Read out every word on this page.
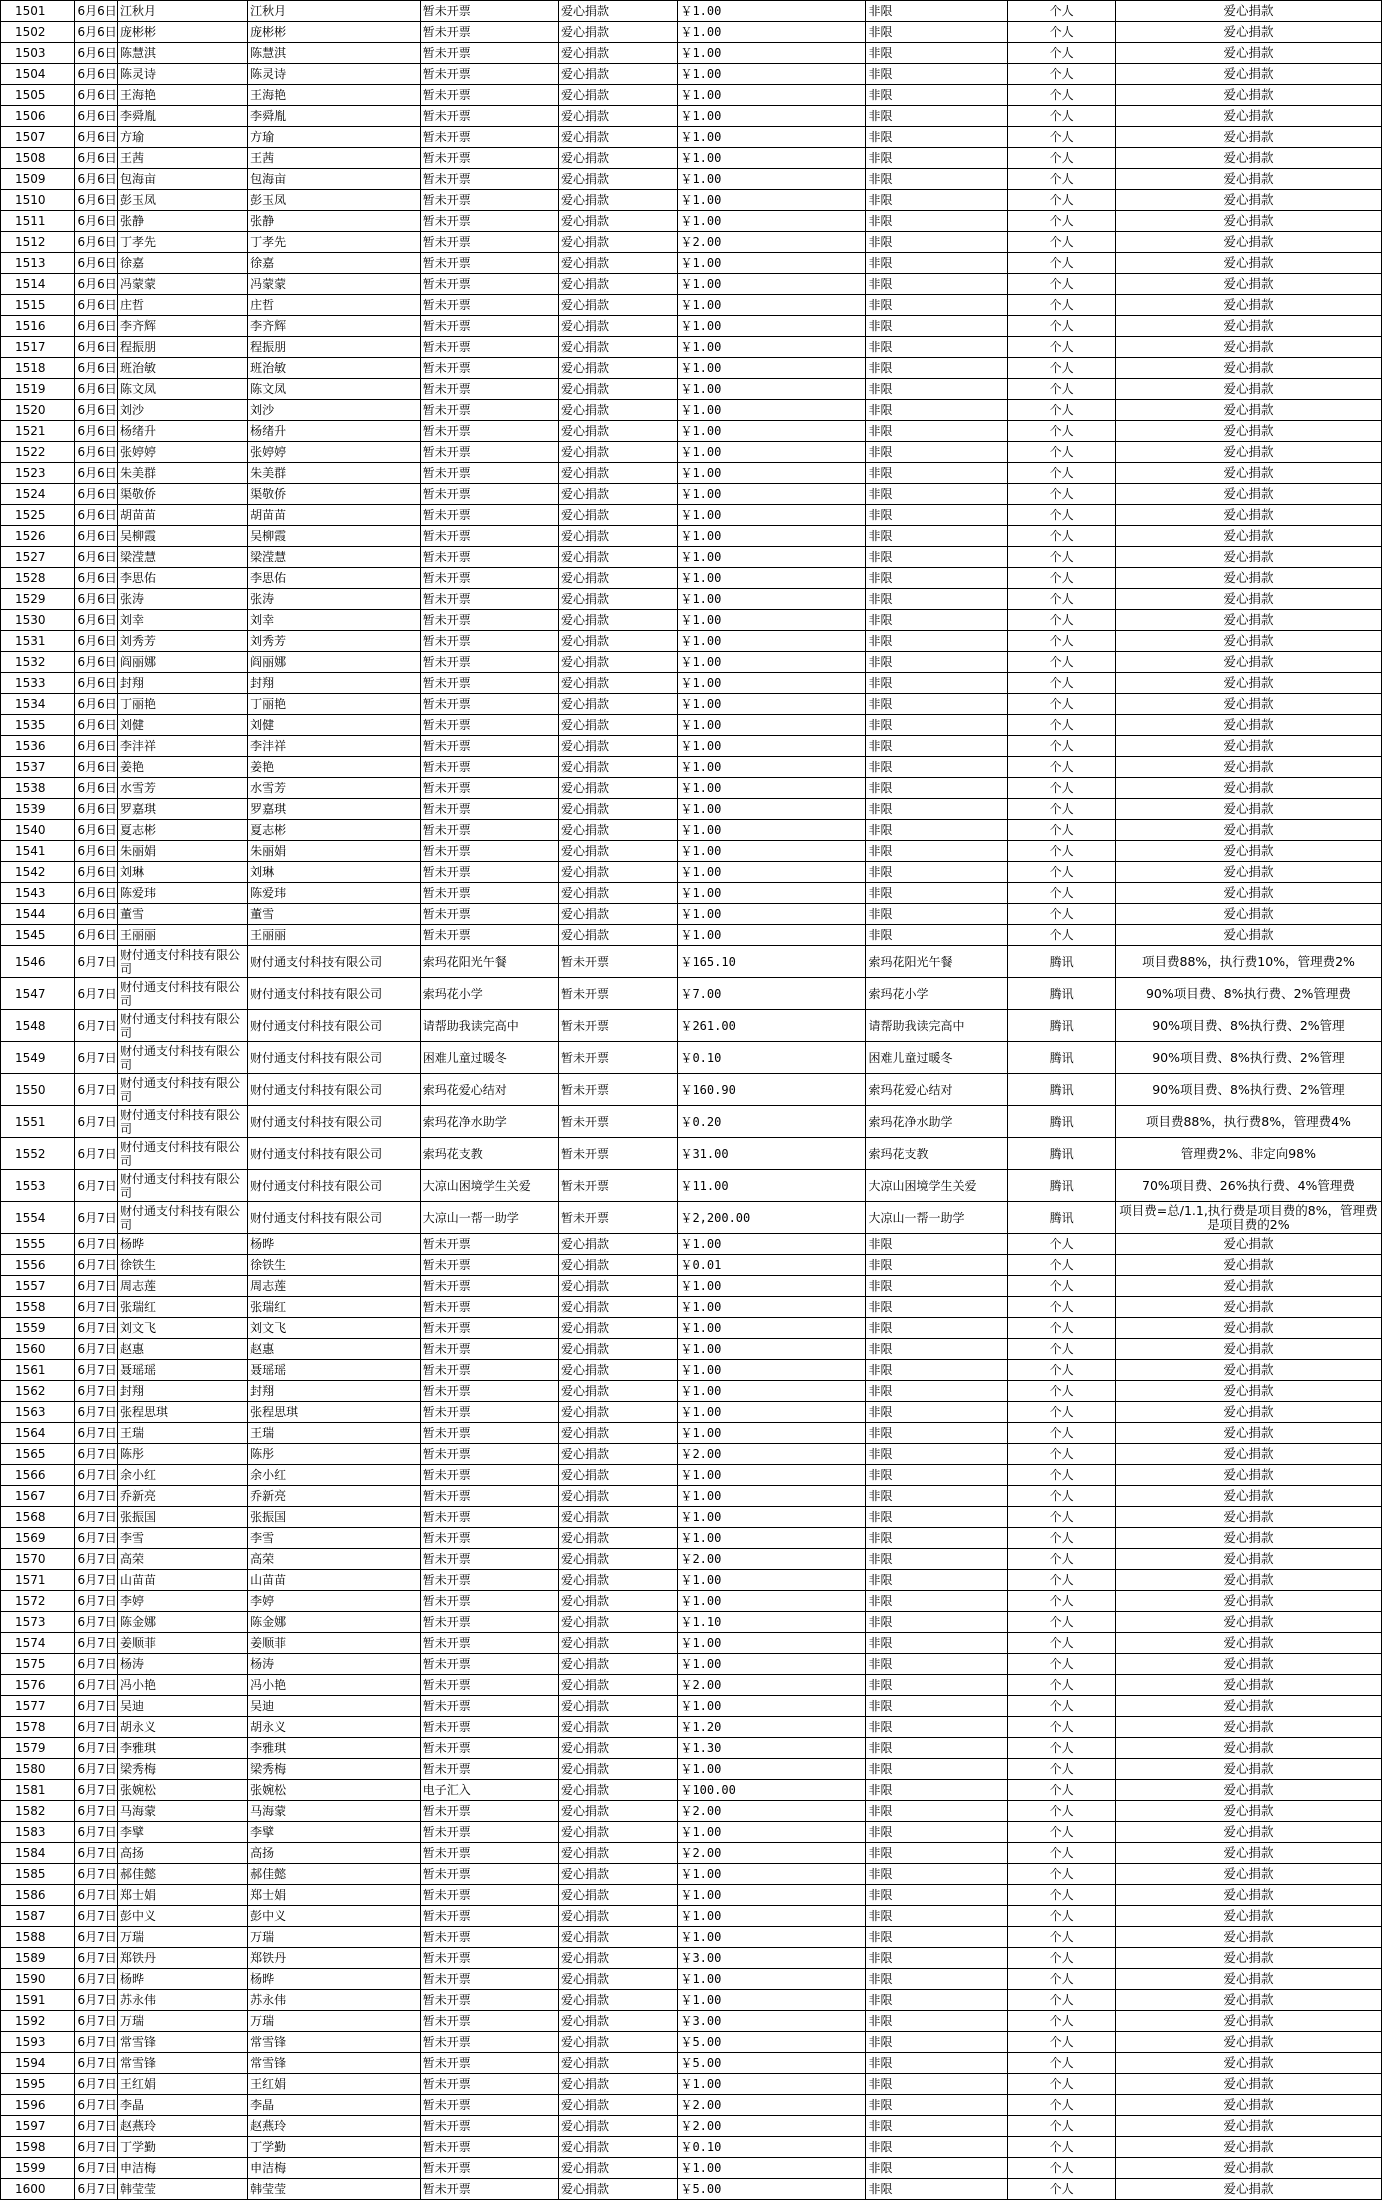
1501	6月6日	江秋月	江秋月	暂未开票	爱心捐款	￥1.00	非限	个人	爱心捐款
1502	6月6日	庞彬彬	庞彬彬	暂未开票	爱心捐款	￥1.00	非限	个人	爱心捐款
1503	6月6日	陈慧淇	陈慧淇	暂未开票	爱心捐款	￥1.00	非限	个人	爱心捐款
1504	6月6日	陈灵诗	陈灵诗	暂未开票	爱心捐款	￥1.00	非限	个人	爱心捐款
1505	6月6日	王海艳	王海艳	暂未开票	爱心捐款	￥1.00	非限	个人	爱心捐款
1506	6月6日	李舜胤	李舜胤	暂未开票	爱心捐款	￥1.00	非限	个人	爱心捐款
1507	6月6日	方瑜	方瑜	暂未开票	爱心捐款	￥1.00	非限	个人	爱心捐款
1508	6月6日	王茜	王茜	暂未开票	爱心捐款	￥1.00	非限	个人	爱心捐款
1509	6月6日	包海亩	包海亩	暂未开票	爱心捐款	￥1.00	非限	个人	爱心捐款
1510	6月6日	彭玉凤	彭玉凤	暂未开票	爱心捐款	￥1.00	非限	个人	爱心捐款
1511	6月6日	张静	张静	暂未开票	爱心捐款	￥1.00	非限	个人	爱心捐款
1512	6月6日	丁孝先	丁孝先	暂未开票	爱心捐款	￥2.00	非限	个人	爱心捐款
1513	6月6日	徐嘉	徐嘉	暂未开票	爱心捐款	￥1.00	非限	个人	爱心捐款
1514	6月6日	冯蒙蒙	冯蒙蒙	暂未开票	爱心捐款	￥1.00	非限	个人	爱心捐款
1515	6月6日	庄哲	庄哲	暂未开票	爱心捐款	￥1.00	非限	个人	爱心捐款
1516	6月6日	李齐辉	李齐辉	暂未开票	爱心捐款	￥1.00	非限	个人	爱心捐款
1517	6月6日	程振朋	程振朋	暂未开票	爱心捐款	￥1.00	非限	个人	爱心捐款
1518	6月6日	班治敏	班治敏	暂未开票	爱心捐款	￥1.00	非限	个人	爱心捐款
1519	6月6日	陈文凤	陈文凤	暂未开票	爱心捐款	￥1.00	非限	个人	爱心捐款
1520	6月6日	刘沙	刘沙	暂未开票	爱心捐款	￥1.00	非限	个人	爱心捐款
1521	6月6日	杨绪升	杨绪升	暂未开票	爱心捐款	￥1.00	非限	个人	爱心捐款
1522	6月6日	张婷婷	张婷婷	暂未开票	爱心捐款	￥1.00	非限	个人	爱心捐款
1523	6月6日	朱美群	朱美群	暂未开票	爱心捐款	￥1.00	非限	个人	爱心捐款
1524	6月6日	渠敬侨	渠敬侨	暂未开票	爱心捐款	￥1.00	非限	个人	爱心捐款
1525	6月6日	胡苗苗	胡苗苗	暂未开票	爱心捐款	￥1.00	非限	个人	爱心捐款
1526	6月6日	吴柳霞	吴柳霞	暂未开票	爱心捐款	￥1.00	非限	个人	爱心捐款
1527	6月6日	梁滢慧	梁滢慧	暂未开票	爱心捐款	￥1.00	非限	个人	爱心捐款
1528	6月6日	李思佑	李思佑	暂未开票	爱心捐款	￥1.00	非限	个人	爱心捐款
1529	6月6日	张涛	张涛	暂未开票	爱心捐款	￥1.00	非限	个人	爱心捐款
1530	6月6日	刘幸	刘幸	暂未开票	爱心捐款	￥1.00	非限	个人	爱心捐款
1531	6月6日	刘秀芳	刘秀芳	暂未开票	爱心捐款	￥1.00	非限	个人	爱心捐款
1532	6月6日	阎丽娜	阎丽娜	暂未开票	爱心捐款	￥1.00	非限	个人	爱心捐款
1533	6月6日	封翔	封翔	暂未开票	爱心捐款	￥1.00	非限	个人	爱心捐款
1534	6月6日	丁丽艳	丁丽艳	暂未开票	爱心捐款	￥1.00	非限	个人	爱心捐款
1535	6月6日	刘健	刘健	暂未开票	爱心捐款	￥1.00	非限	个人	爱心捐款
1536	6月6日	李沣祥	李沣祥	暂未开票	爱心捐款	￥1.00	非限	个人	爱心捐款
1537	6月6日	姜艳	姜艳	暂未开票	爱心捐款	￥1.00	非限	个人	爱心捐款
1538	6月6日	水雪芳	水雪芳	暂未开票	爱心捐款	￥1.00	非限	个人	爱心捐款
1539	6月6日	罗嘉琪	罗嘉琪	暂未开票	爱心捐款	￥1.00	非限	个人	爱心捐款
1540	6月6日	夏志彬	夏志彬	暂未开票	爱心捐款	￥1.00	非限	个人	爱心捐款
1541	6月6日	朱丽娟	朱丽娟	暂未开票	爱心捐款	￥1.00	非限	个人	爱心捐款
1542	6月6日	刘琳	刘琳	暂未开票	爱心捐款	￥1.00	非限	个人	爱心捐款
1543	6月6日	陈爱玮	陈爱玮	暂未开票	爱心捐款	￥1.00	非限	个人	爱心捐款
1544	6月6日	董雪	董雪	暂未开票	爱心捐款	￥1.00	非限	个人	爱心捐款
1545	6月6日	王丽丽	王丽丽	暂未开票	爱心捐款	￥1.00	非限	个人	爱心捐款
1546	6月7日	财付通支付科技有限公司	财付通支付科技有限公司	索玛花阳光午餐	暂未开票	￥165.10	索玛花阳光午餐	腾讯	项目费88%，执行费10%，管理费2%
1547	6月7日	财付通支付科技有限公司	财付通支付科技有限公司	索玛花小学	暂未开票	￥7.00	索玛花小学	腾讯	90%项目费、8%执行费、2%管理费
1548	6月7日	财付通支付科技有限公司	财付通支付科技有限公司	请帮助我读完高中	暂未开票	￥261.00	请帮助我读完高中	腾讯	90%项目费、8%执行费、2%管理
1549	6月7日	财付通支付科技有限公司	财付通支付科技有限公司	困难儿童过暖冬	暂未开票	￥0.10	困难儿童过暖冬	腾讯	90%项目费、8%执行费、2%管理
1550	6月7日	财付通支付科技有限公司	财付通支付科技有限公司	索玛花爱心结对	暂未开票	￥160.90	索玛花爱心结对	腾讯	90%项目费、8%执行费、2%管理
1551	6月7日	财付通支付科技有限公司	财付通支付科技有限公司	索玛花净水助学	暂未开票	￥0.20	索玛花净水助学	腾讯	项目费88%，执行费8%，管理费4%
1552	6月7日	财付通支付科技有限公司	财付通支付科技有限公司	索玛花支教	暂未开票	￥31.00	索玛花支教	腾讯	管理费2%、非定向98%
1553	6月7日	财付通支付科技有限公司	财付通支付科技有限公司	大凉山困境学生关爱	暂未开票	￥11.00	大凉山困境学生关爱	腾讯	70%项目费、26%执行费、4%管理费
1554	6月7日	财付通支付科技有限公司	财付通支付科技有限公司	大凉山一帮一助学	暂未开票	￥2,200.00	大凉山一帮一助学	腾讯	项目费=总/1.1,执行费是项目费的8%，管理费是项目费的2%
1555	6月7日	杨晔	杨晔	暂未开票	爱心捐款	￥1.00	非限	个人	爱心捐款
1556	6月7日	徐铁生	徐铁生	暂未开票	爱心捐款	￥0.01	非限	个人	爱心捐款
1557	6月7日	周志莲	周志莲	暂未开票	爱心捐款	￥1.00	非限	个人	爱心捐款
1558	6月7日	张瑞红	张瑞红	暂未开票	爱心捐款	￥1.00	非限	个人	爱心捐款
1559	6月7日	刘文飞	刘文飞	暂未开票	爱心捐款	￥1.00	非限	个人	爱心捐款
1560	6月7日	赵惠	赵惠	暂未开票	爱心捐款	￥1.00	非限	个人	爱心捐款
1561	6月7日	聂瑶瑶	聂瑶瑶	暂未开票	爱心捐款	￥1.00	非限	个人	爱心捐款
1562	6月7日	封翔	封翔	暂未开票	爱心捐款	￥1.00	非限	个人	爱心捐款
1563	6月7日	张程思琪	张程思琪	暂未开票	爱心捐款	￥1.00	非限	个人	爱心捐款
1564	6月7日	王瑞	王瑞	暂未开票	爱心捐款	￥1.00	非限	个人	爱心捐款
1565	6月7日	陈彤	陈彤	暂未开票	爱心捐款	￥2.00	非限	个人	爱心捐款
1566	6月7日	余小红	余小红	暂未开票	爱心捐款	￥1.00	非限	个人	爱心捐款
1567	6月7日	乔新亮	乔新亮	暂未开票	爱心捐款	￥1.00	非限	个人	爱心捐款
1568	6月7日	张振国	张振国	暂未开票	爱心捐款	￥1.00	非限	个人	爱心捐款
1569	6月7日	李雪	李雪	暂未开票	爱心捐款	￥1.00	非限	个人	爱心捐款
1570	6月7日	高荣	高荣	暂未开票	爱心捐款	￥2.00	非限	个人	爱心捐款
1571	6月7日	山苗苗	山苗苗	暂未开票	爱心捐款	￥1.00	非限	个人	爱心捐款
1572	6月7日	李婷	李婷	暂未开票	爱心捐款	￥1.00	非限	个人	爱心捐款
1573	6月7日	陈金娜	陈金娜	暂未开票	爱心捐款	￥1.10	非限	个人	爱心捐款
1574	6月7日	姜顺菲	姜顺菲	暂未开票	爱心捐款	￥1.00	非限	个人	爱心捐款
1575	6月7日	杨涛	杨涛	暂未开票	爱心捐款	￥1.00	非限	个人	爱心捐款
1576	6月7日	冯小艳	冯小艳	暂未开票	爱心捐款	￥2.00	非限	个人	爱心捐款
1577	6月7日	吴迪	吴迪	暂未开票	爱心捐款	￥1.00	非限	个人	爱心捐款
1578	6月7日	胡永义	胡永义	暂未开票	爱心捐款	￥1.20	非限	个人	爱心捐款
1579	6月7日	李雅琪	李雅琪	暂未开票	爱心捐款	￥1.30	非限	个人	爱心捐款
1580	6月7日	梁秀梅	梁秀梅	暂未开票	爱心捐款	￥1.00	非限	个人	爱心捐款
1581	6月7日	张婉松	张婉松	电子汇入	爱心捐款	￥100.00	非限	个人	爱心捐款
1582	6月7日	马海蒙	马海蒙	暂未开票	爱心捐款	￥2.00	非限	个人	爱心捐款
1583	6月7日	李擘	李擘	暂未开票	爱心捐款	￥1.00	非限	个人	爱心捐款
1584	6月7日	高扬	高扬	暂未开票	爱心捐款	￥2.00	非限	个人	爱心捐款
1585	6月7日	郝佳懿	郝佳懿	暂未开票	爱心捐款	￥1.00	非限	个人	爱心捐款
1586	6月7日	郑士娟	郑士娟	暂未开票	爱心捐款	￥1.00	非限	个人	爱心捐款
1587	6月7日	彭中义	彭中义	暂未开票	爱心捐款	￥1.00	非限	个人	爱心捐款
1588	6月7日	万瑞	万瑞	暂未开票	爱心捐款	￥1.00	非限	个人	爱心捐款
1589	6月7日	郑铁丹	郑铁丹	暂未开票	爱心捐款	￥3.00	非限	个人	爱心捐款
1590	6月7日	杨晔	杨晔	暂未开票	爱心捐款	￥1.00	非限	个人	爱心捐款
1591	6月7日	苏永伟	苏永伟	暂未开票	爱心捐款	￥1.00	非限	个人	爱心捐款
1592	6月7日	万瑞	万瑞	暂未开票	爱心捐款	￥3.00	非限	个人	爱心捐款
1593	6月7日	常雪锋	常雪锋	暂未开票	爱心捐款	￥5.00	非限	个人	爱心捐款
1594	6月7日	常雪锋	常雪锋	暂未开票	爱心捐款	￥5.00	非限	个人	爱心捐款
1595	6月7日	王红娟	王红娟	暂未开票	爱心捐款	￥1.00	非限	个人	爱心捐款
1596	6月7日	李晶	李晶	暂未开票	爱心捐款	￥2.00	非限	个人	爱心捐款
1597	6月7日	赵燕玲	赵燕玲	暂未开票	爱心捐款	￥2.00	非限	个人	爱心捐款
1598	6月7日	丁学勤	丁学勤	暂未开票	爱心捐款	￥0.10	非限	个人	爱心捐款
1599	6月7日	申洁梅	申洁梅	暂未开票	爱心捐款	￥1.00	非限	个人	爱心捐款
1600	6月7日	韩莹莹	韩莹莹	暂未开票	爱心捐款	￥5.00	非限	个人	爱心捐款
